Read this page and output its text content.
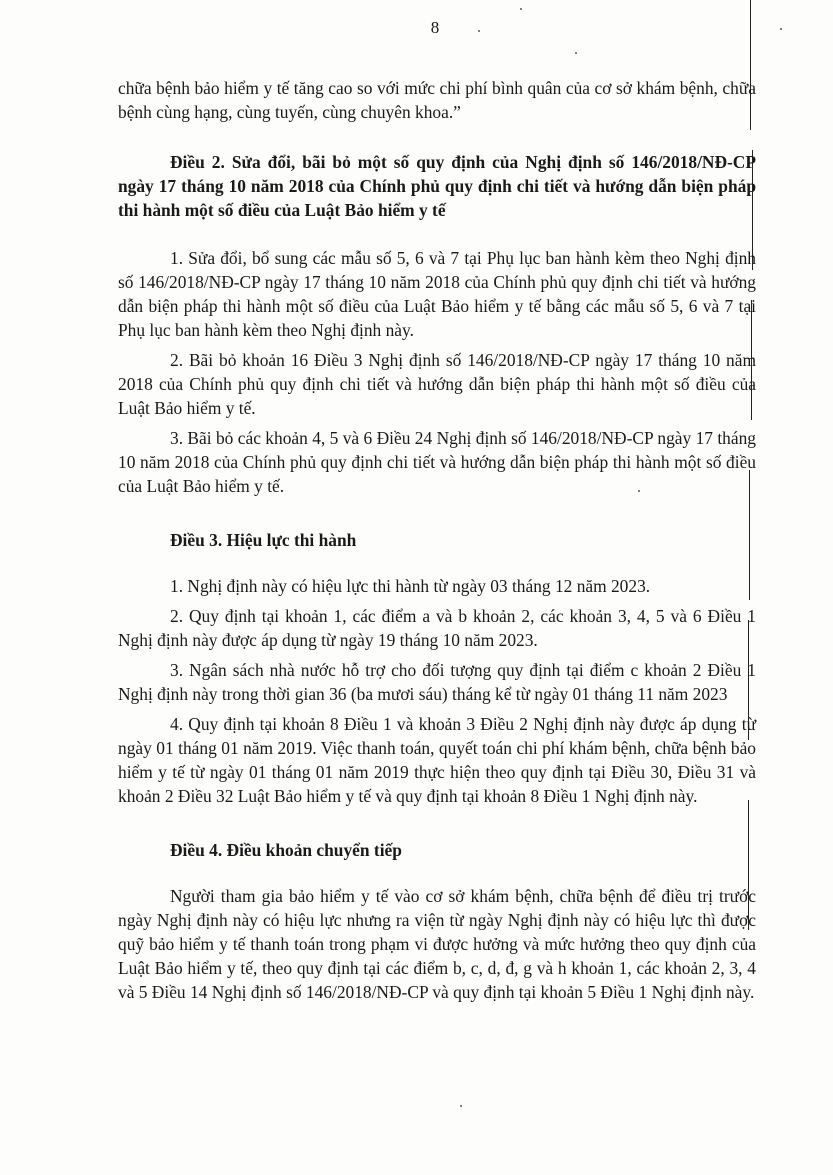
8

chữa bệnh bảo hiểm y tế tăng cao so với mức chi phí bình quân của cơ sở khám bệnh, chữa bệnh cùng hạng, cùng tuyến, cùng chuyên khoa.”

Điều 2. Sửa đổi, bãi bỏ một số quy định của Nghị định số 146/2018/NĐ-CP ngày 17 tháng 10 năm 2018 của Chính phủ quy định chi tiết và hướng dẫn biện pháp thi hành một số điều của Luật Bảo hiểm y tế

1. Sửa đổi, bổ sung các mẫu số 5, 6 và 7 tại Phụ lục ban hành kèm theo Nghị định số 146/2018/NĐ-CP ngày 17 tháng 10 năm 2018 của Chính phủ quy định chi tiết và hướng dẫn biện pháp thi hành một số điều của Luật Bảo hiểm y tế bằng các mẫu số 5, 6 và 7 tại Phụ lục ban hành kèm theo Nghị định này.

2. Bãi bỏ khoản 16 Điều 3 Nghị định số 146/2018/NĐ-CP ngày 17 tháng 10 năm 2018 của Chính phủ quy định chi tiết và hướng dẫn biện pháp thi hành một số điều của Luật Bảo hiểm y tế.

3. Bãi bỏ các khoản 4, 5 và 6 Điều 24 Nghị định số 146/2018/NĐ-CP ngày 17 tháng 10 năm 2018 của Chính phủ quy định chi tiết và hướng dẫn biện pháp thi hành một số điều của Luật Bảo hiểm y tế.

Điều 3. Hiệu lực thi hành

1. Nghị định này có hiệu lực thi hành từ ngày 03 tháng 12 năm 2023.

2. Quy định tại khoản 1, các điểm a và b khoản 2, các khoản 3, 4, 5 và 6 Điều 1 Nghị định này được áp dụng từ ngày 19 tháng 10 năm 2023.

3. Ngân sách nhà nước hỗ trợ cho đối tượng quy định tại điểm c khoản 2 Điều 1 Nghị định này trong thời gian 36 (ba mươi sáu) tháng kể từ ngày 01 tháng 11 năm 2023

4. Quy định tại khoản 8 Điều 1 và khoản 3 Điều 2 Nghị định này được áp dụng từ ngày 01 tháng 01 năm 2019. Việc thanh toán, quyết toán chi phí khám bệnh, chữa bệnh bảo hiểm y tế từ ngày 01 tháng 01 năm 2019 thực hiện theo quy định tại Điều 30, Điều 31 và khoản 2 Điều 32 Luật Bảo hiểm y tế và quy định tại khoản 8 Điều 1 Nghị định này.

Điều 4. Điều khoản chuyển tiếp

Người tham gia bảo hiểm y tế vào cơ sở khám bệnh, chữa bệnh để điều trị trước ngày Nghị định này có hiệu lực nhưng ra viện từ ngày Nghị định này có hiệu lực thì được quỹ bảo hiểm y tế thanh toán trong phạm vi được hưởng và mức hưởng theo quy định của Luật Bảo hiểm y tế, theo quy định tại các điểm b, c, d, đ, g và h khoản 1, các khoản 2, 3, 4 và 5 Điều 14 Nghị định số 146/2018/NĐ-CP và quy định tại khoản 5 Điều 1 Nghị định này.
